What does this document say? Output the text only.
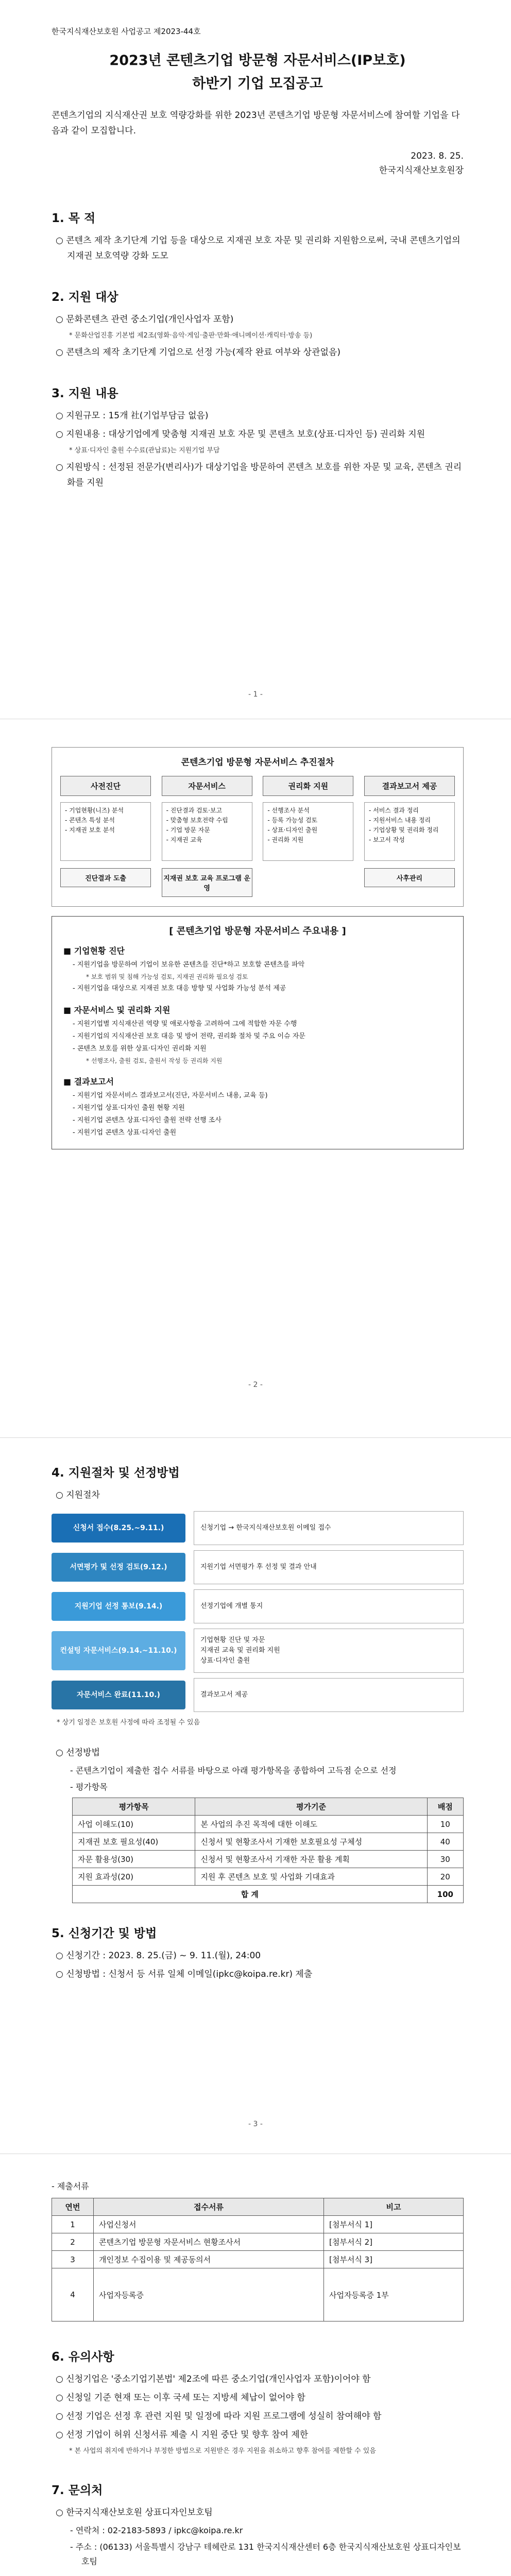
한국지식재산보호원 사업공고 제2023-44호

2023년 콘텐츠기업 방문형 자문서비스(IP보호)
하반기 기업 모집공고

콘텐츠기업의 지식재산권 보호 역량강화를 위한 2023년 콘텐츠기업 방문형 자문서비스에 참여할 기업을 다음과 같이 모집합니다.

2023. 8. 25.

한국지식재산보호원장

1. 목 적

○ 콘텐츠 제작 초기단계 기업 등을 대상으로 지재권 보호 자문 및 권리화 지원함으로써, 국내 콘텐츠기업의 지재권 보호역량 강화 도모

2. 지원 대상

○ 문화콘텐츠 관련 중소기업(개인사업자 포함)

* 문화산업진흥 기본법 제2조(영화·음악·게임·출판·만화·애니메이션·캐릭터·방송 등)

○ 콘텐츠의 제작 초기단계 기업으로 선정 가능(제작 완료 여부와 상관없음)

3. 지원 내용

○ 지원규모 : 15개 社(기업부담금 없음)

○ 지원내용 : 대상기업에게 맞춤형 지재권 보호 자문 및 콘텐츠 보호(상표·디자인 등) 권리화 지원

* 상표·디자인 출원 수수료(관납료)는 지원기업 부담

○ 지원방식 : 선정된 전문가(변리사)가 대상기업을 방문하여 콘텐츠 보호를 위한 자문 및 교육, 콘텐츠 권리화를 지원

- 1 -
콘텐츠기업 방문형 자문서비스 추진절차
사전진단
- 기업현황(니즈) 분석
- 콘텐츠 특성 분석
- 지재권 보호 분석
진단결과 도출
자문서비스
- 진단결과 검토·보고
- 맞춤형 보호전략 수립
- 기업 방문 자문
- 지재권 교육
지재권 보호 교육 프로그램 운영
권리화 지원
- 선행조사 분석
- 등록 가능성 검토
- 상표·디자인 출원
- 권리화 지원
결과보고서 제공
- 서비스 결과 정리
- 지원서비스 내용 정리
- 기업상황 및 권리화 정리
- 보고서 작성
사후관리
[ 콘텐츠기업 방문형 자문서비스 주요내용 ]
■ 기업현황 진단

- 지원기업을 방문하여 기업이 보유한 콘텐츠를 진단*하고 보호할 콘텐츠를 파악

* 보호 범위 및 침해 가능성 검토, 지재권 권리화 필요성 검토

- 지원기업을 대상으로 지재권 보호 대응 방향 및 사업화 가능성 분석 제공

■ 자문서비스 및 권리화 지원

- 지원기업별 지식재산권 역량 및 애로사항을 고려하여 그에 적합한 자문 수행

- 지원기업의 지식재산권 보호 대응 및 방어 전략, 권리화 절차 및 주요 이슈 자문

- 콘텐츠 보호를 위한 상표·디자인 권리화 지원

* 선행조사, 출원 검토, 출원서 작성 등 권리화 지원

■ 결과보고서

- 지원기업 자문서비스 결과보고서(진단, 자문서비스 내용, 교육 등)

- 지원기업 상표·디자인 출원 현황 지원

- 지원기업 콘텐츠 상표·디자인 출원 전략 선행 조사

- 지원기업 콘텐츠 상표·디자인 출원

- 2 -
4. 지원절차 및 선정방법

○ 지원절차

신청서 접수(8.25.~9.11.)	신청기업 → 한국지식재산보호원 이메일 접수
서면평가 및 선정 검토(9.12.)	지원기업 서면평가 후 선정 및 결과 안내
지원기업 선정 통보(9.14.)	선정기업에 개별 통지
컨설팅 자문서비스(9.14.~11.10.)
기업현황 진단 및 자문
지재권 교육 및 권리화 지원
상표·디자인 출원
자문서비스 완료(11.10.)	결과보고서 제공

* 상기 일정은 보호원 사정에 따라 조정될 수 있음

○ 선정방법

- 콘텐츠기업이 제출한 접수 서류를 바탕으로 아래 평가항목을 종합하여 고득점 순으로 선정

- 평가항목

평가항목	평가기준	배점
사업 이해도(10)	본 사업의 추진 목적에 대한 이해도	10
지재권 보호 필요성(40)	신청서 및 현황조사서 기재한 보호필요성 구체성	40
자문 활용성(30)	신청서 및 현황조사서 기재한 자문 활용 계획	30
지원 효과성(20)	지원 후 콘텐츠 보호 및 사업화 기대효과	20
합 계		100
5. 신청기간 및 방법

○ 신청기간 : 2023. 8. 25.(금) ~ 9. 11.(월), 24:00

○ 신청방법 : 신청서 등 서류 일체 이메일(ipkc@koipa.re.kr) 제출

- 3 -

- 제출서류

연번	접수서류	비고
1	사업신청서	[첨부서식 1]
2	콘텐츠기업 방문형 자문서비스 현황조사서	[첨부서식 2]
3	개인정보 수집이용 및 제공동의서	[첨부서식 3]
4	사업자등록증	사업자등록증 1부
6. 유의사항

○ 신청기업은 '중소기업기본법' 제2조에 따른 중소기업(개인사업자 포함)이어야 함

○ 신청일 기준 현재 또는 이후 국세 또는 지방세 체납이 없어야 함

○ 선정 기업은 선정 후 관련 지원 및 일정에 따라 지원 프로그램에 성실히 참여해야 함

○ 선정 기업이 허위 신청서류 제출 시 지원 중단 및 향후 참여 제한

* 본 사업의 취지에 반하거나 부정한 방법으로 지원받은 경우 지원을 취소하고 향후 참여를 제한할 수 있음

7. 문의처

○ 한국지식재산보호원 상표디자인보호팀

- 연락처 : 02-2183-5893 / ipkc@koipa.re.kr

- 주소 : (06133) 서울특별시 강남구 테헤란로 131 한국지식재산센터 6층 한국지식재산보호원 상표디자인보호팀
